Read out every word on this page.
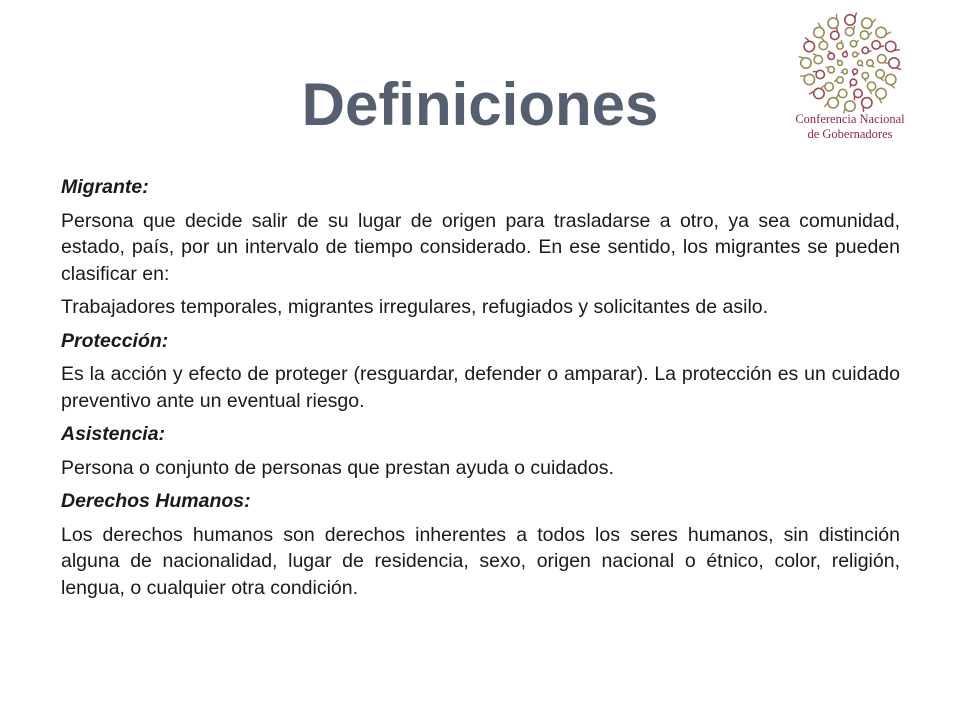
Definiciones	Conferencia Nacional
de Gobernadores

Migrante:

Persona que decide salir de su lugar de origen para trasladarse a otro, ya sea comunidad, estado, país, por un intervalo de tiempo considerado. En ese sentido, los migrantes se pueden clasificar en:

Trabajadores temporales, migrantes irregulares, refugiados y solicitantes de asilo.

Protección:

Es la acción y efecto de proteger (resguardar, defender o amparar). La protección es un cuidado preventivo ante un eventual riesgo.

Asistencia:

Persona o conjunto de personas que prestan ayuda o cuidados.

Derechos Humanos:

Los derechos humanos son derechos inherentes a todos los seres humanos, sin distinción alguna de nacionalidad, lugar de residencia, sexo, origen nacional o étnico, color, religión, lengua, o cualquier otra condición.
